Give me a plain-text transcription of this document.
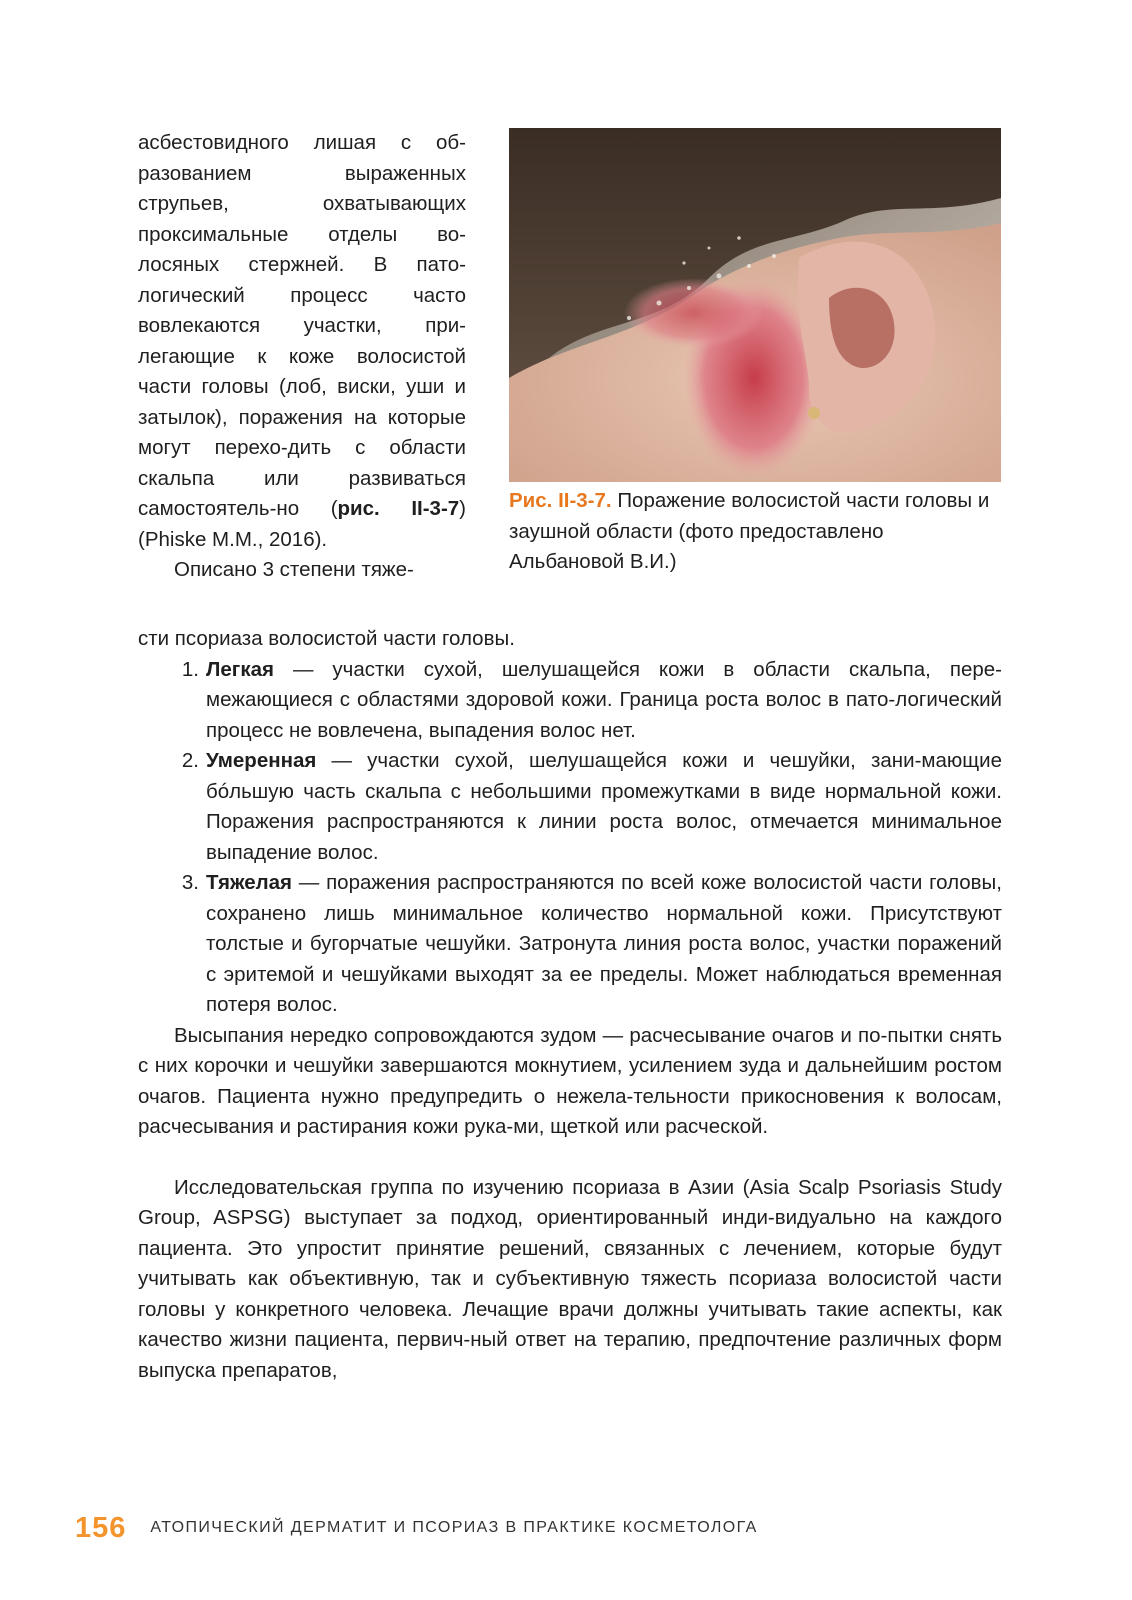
асбестовидного лишая с об-разованием выраженных струпьев, охватывающих проксимальные отделы во-лосяных стержней. В пато-логический процесс часто вовлекаются участки, при-легающие к коже волосистой части головы (лоб, виски, уши и затылок), поражения на которые могут перехо-дить с области скальпа или развиваться самостоятель-но (рис. II-3-7) (Phiske M.M., 2016).

Описано 3 степени тяже-

Рис. II-3-7. Поражение волосистой части головы и заушной области (фото предоставлено Альбановой В.И.)

сти псориаза волосистой части головы.

1. Легкая — участки сухой, шелушащейся кожи в области скальпа, пере-межающиеся с областями здоровой кожи. Граница роста волос в пато-логический процесс не вовлечена, выпадения волос нет.
2. Умеренная — участки сухой, шелушащейся кожи и чешуйки, зани-мающие бóльшую часть скальпа с небольшими промежутками в виде нормальной кожи. Поражения распространяются к линии роста волос, отмечается минимальное выпадение волос.
3. Тяжелая — поражения распространяются по всей коже волосистой части головы, сохранено лишь минимальное количество нормальной кожи. Присутствуют толстые и бугорчатые чешуйки. Затронута линия роста волос, участки поражений с эритемой и чешуйками выходят за ее пределы. Может наблюдаться временная потеря волос.

Высыпания нередко сопровождаются зудом — расчесывание очагов и по-пытки снять с них корочки и чешуйки завершаются мокнутием, усилением зуда и дальнейшим ростом очагов. Пациента нужно предупредить о нежела-тельности прикосновения к волосам, расчесывания и растирания кожи рука-ми, щеткой или расческой.

Исследовательская группа по изучению псориаза в Азии (Asia Scalp Psoriasis Study Group, ASPSG) выступает за подход, ориентированный инди-видуально на каждого пациента. Это упростит принятие решений, связанных с лечением, которые будут учитывать как объективную, так и субъективную тяжесть псориаза волосистой части головы у конкретного человека. Лечащие врачи должны учитывать такие аспекты, как качество жизни пациента, первич-ный ответ на терапию, предпочтение различных форм выпуска препаратов,

156 АТОПИЧЕСКИЙ ДЕРМАТИТ И ПСОРИАЗ В ПРАКТИКЕ КОСМЕТОЛОГА
